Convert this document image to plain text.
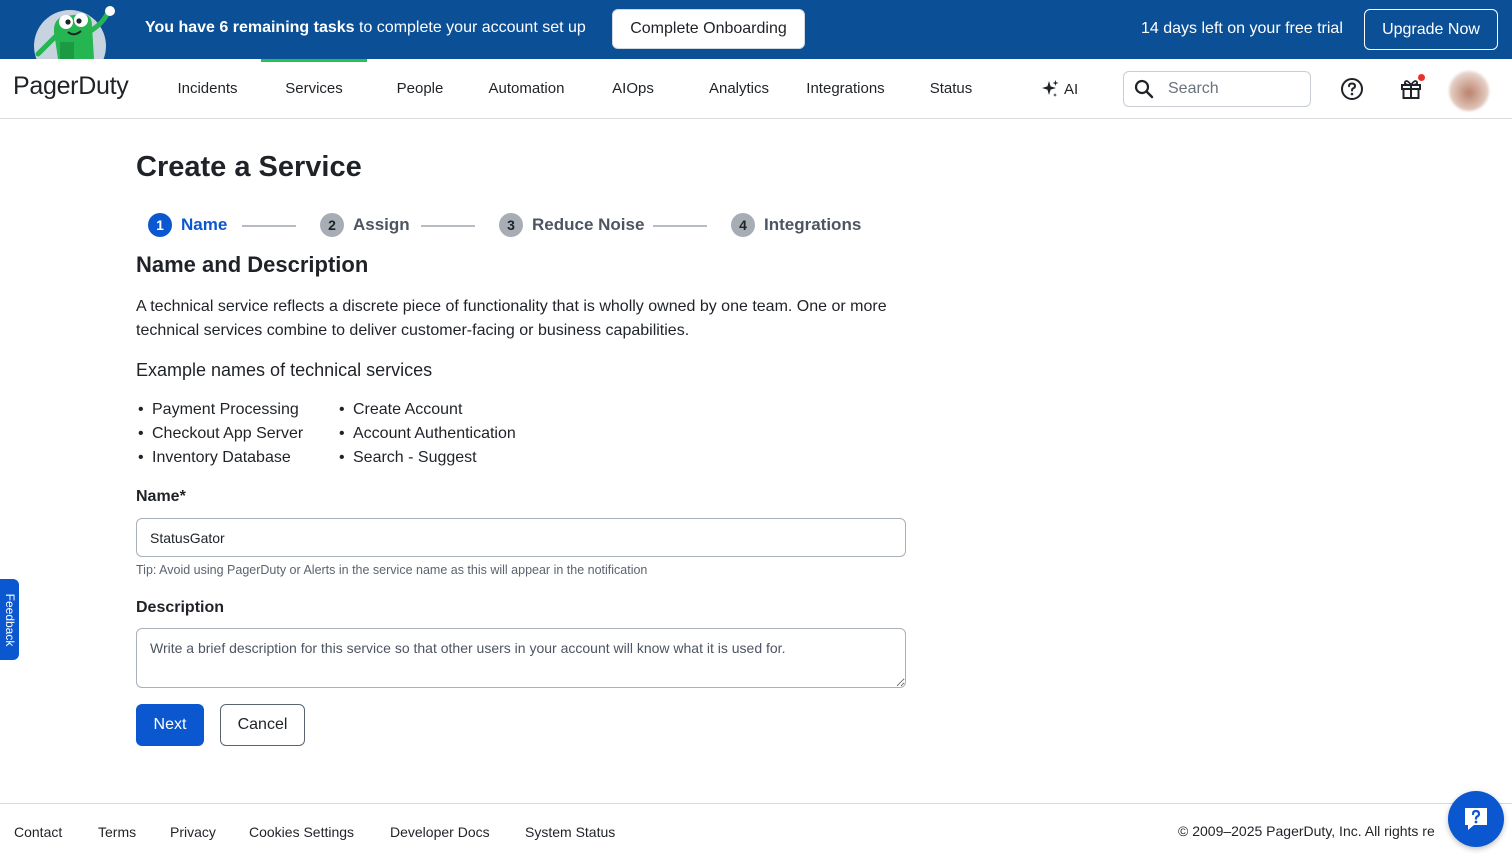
You have 6 remaining tasks to complete your account set up	Complete Onboarding	14 days left on your free trial	Upgrade Now
PagerDuty	Incidents	Services	People	Automation	AIOps	Analytics	Integrations	Status	AI
Search
Create a Service
1	Name	2	Assign	3	Reduce Noise	4	Integrations
Name and Description

A technical service reflects a discrete piece of functionality that is wholly owned by one team. One or more technical services combine to deliver customer-facing or business capabilities.

Example names of technical services
• Payment Processing
• Checkout App Server
• Inventory Database
• Create Account
• Account Authentication
• Search - Suggest
Name*
StatusGator
Tip: Avoid using PagerDuty or Alerts in the service name as this will appear in the notification
Description
Write a brief description for this service so that other users in your account will know what it is used for.
Next	Cancel
Feedback
Contact	Terms Privacy Cookies Settings	Developer Docs	System Status	© 2009–2025 PagerDuty, Inc. All rights re
